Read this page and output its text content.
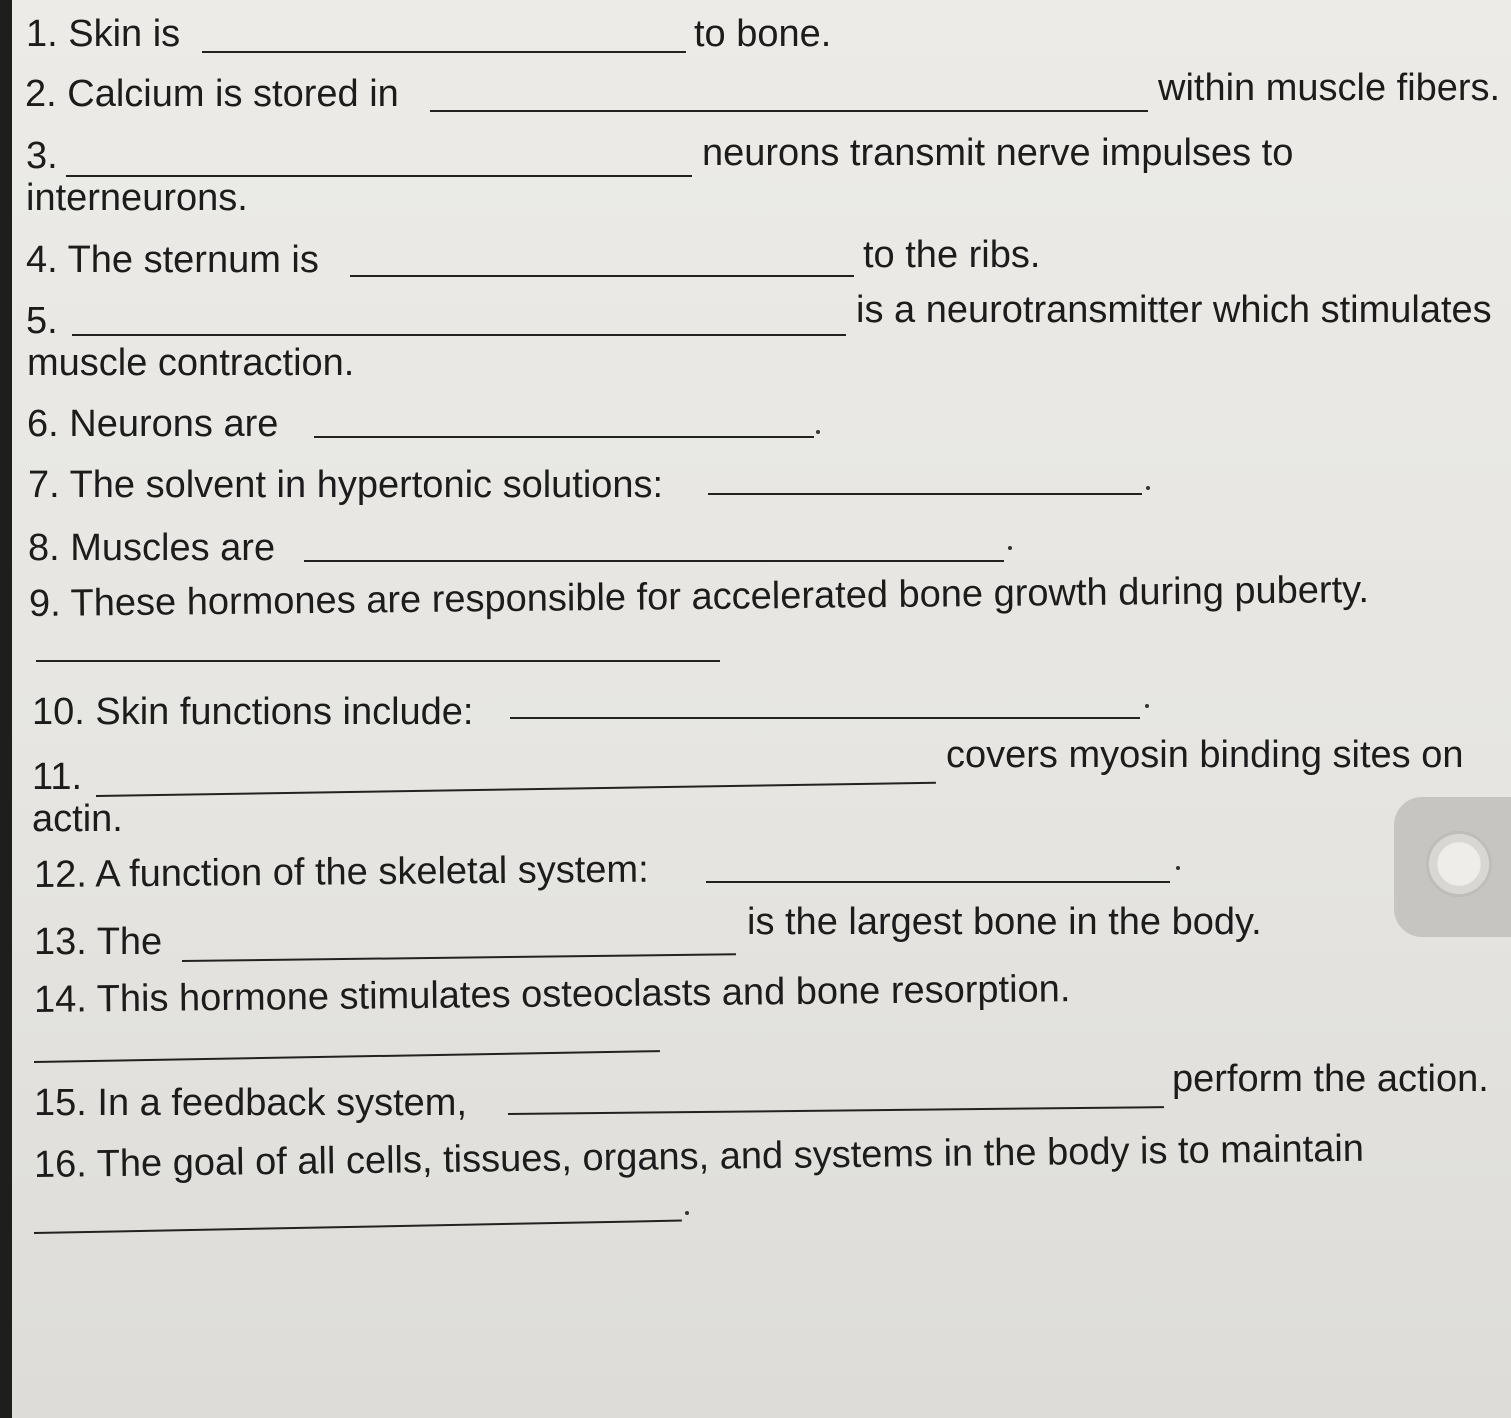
1. Skin is	to bone.
2. Calcium is stored in	within muscle fibers.
3.	neurons transmit nerve impulses to
interneurons.
4. The sternum is	to the ribs.
5.	is a neurotransmitter which stimulates
muscle contraction.
6. Neurons are
7. The solvent in hypertonic solutions:
8. Muscles are
9. These hormones are responsible for accelerated bone growth during puberty.
10. Skin functions include:
11.
covers myosin binding sites on
actin.
12. A function of the skeletal system:
13. The	is the largest bone in the body.
14. This hormone stimulates osteoclasts and bone resorption.
15. In a feedback system,
perform the action.
16. The goal of all cells, tissues, organs, and systems in the body is to maintain
